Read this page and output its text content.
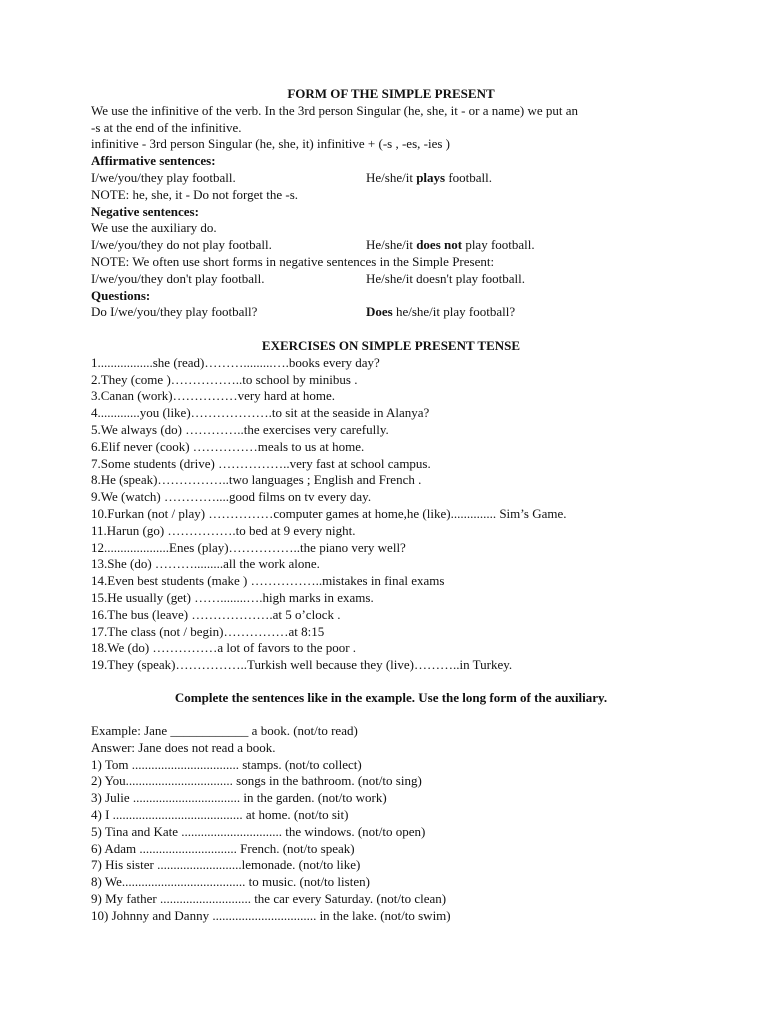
FORM OF THE SIMPLE PRESENT
We use the infinitive of the verb. In the 3rd person Singular (he, she, it - or a name) we put an
-s at the end of the infinitive.
infinitive - 3rd person Singular (he, she, it) infinitive + (-s , -es, -ies )
Affirmative sentences:
I/we/you/they play football.	He/she/it plays football.
NOTE: he, she, it - Do not forget the -s.
Negative sentences:
We use the auxiliary do.
I/we/you/they do not play football.	He/she/it does not play football.
NOTE: We often use short forms in negative sentences in the Simple Present:
I/we/you/they don't play football.	He/she/it doesn't play football.
Questions:
Do I/we/you/they play football?	Does he/she/it play football?
EXERCISES ON SIMPLE PRESENT TENSE
1.................she (read)……….........….books every day?
2.They (come )……………..to school by minibus .
3.Canan (work)……………very hard at home.
4.............you (like)……………….to sit at the seaside in Alanya?
5.We always (do) …………..the exercises very carefully.
6.Elif never (cook) ……………meals to us at home.
7.Some students (drive) ……………..very fast at school campus.
8.He (speak)……………..two languages ; English and French .
9.We (watch) …………....good films on tv every day.
10.Furkan (not / play) ……………computer games at home,he (like).............. Sim’s Game.
11.Harun (go) …………….to bed at 9 every night.
12....................Enes (play)……………..the piano very well?
13.She (do) ……….........all the work alone.
14.Even best students (make ) ……………..mistakes in final exams
15.He usually (get) ……........….high marks in exams.
16.The bus (leave) ……………….at 5 o’clock .
17.The class (not / begin)……………at 8:15
18.We (do) ……………a lot of favors to the poor .
19.They (speak)……………..Turkish well because they (live)………..in Turkey.
Complete the sentences like in the example. Use the long form of the auxiliary.
Example: Jane ____________ a book. (not/to read)
Answer: Jane does not read a book.
1) Tom ................................. stamps. (not/to collect)
2) You................................. songs in the bathroom. (not/to sing)
3) Julie ................................. in the garden. (not/to work)
4) I ........................................ at home. (not/to sit)
5) Tina and Kate ............................... the windows. (not/to open)
6) Adam .............................. French. (not/to speak)
7) His sister ..........................lemonade. (not/to like)
8) We...................................... to music. (not/to listen)
9) My father ............................ the car every Saturday. (not/to clean)
10) Johnny and Danny ................................ in the lake. (not/to swim)
